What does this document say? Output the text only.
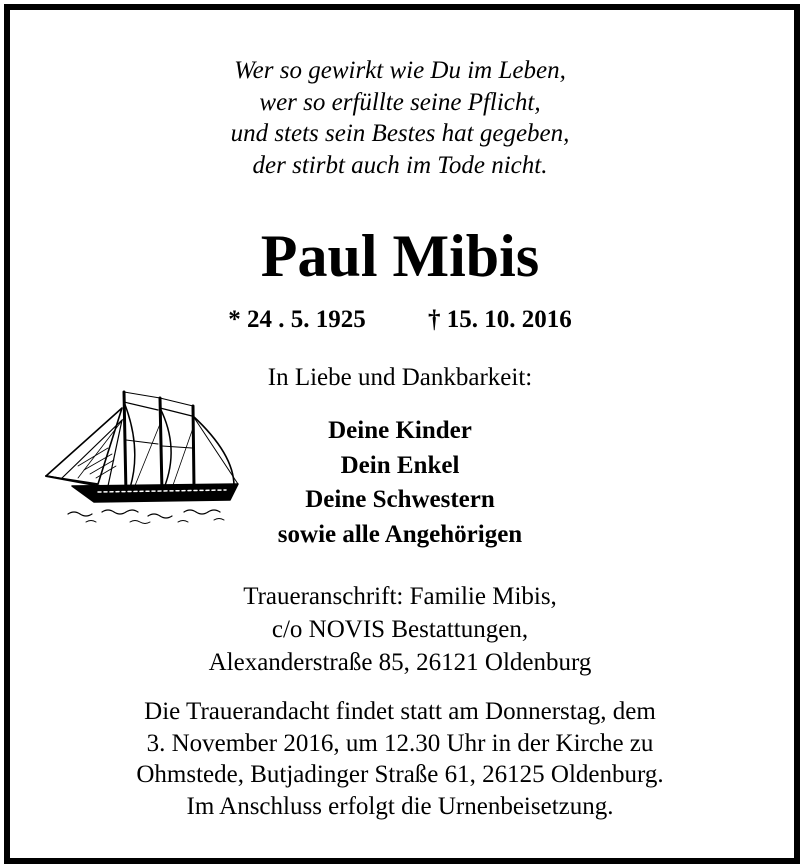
Wer so gewirkt wie Du im Leben,
wer so erfüllte seine Pflicht,
und stets sein Bestes hat gegeben,
der stirbt auch im Tode nicht.
Paul Mibis
* 24 . 5. 1925 † 15. 10. 2016
In Liebe und Dankbarkeit:
Deine Kinder
Dein Enkel
Deine Schwestern
sowie alle Angehörigen
Traueranschrift: Familie Mibis,
c/o NOVIS Bestattungen,
Alexanderstraße 85, 26121 Oldenburg
Die Trauerandacht findet statt am Donnerstag, dem
3. November 2016, um 12.30 Uhr in der Kirche zu
Ohmstede, Butjadinger Straße 61, 26125 Oldenburg.
Im Anschluss erfolgt die Urnenbeisetzung.
